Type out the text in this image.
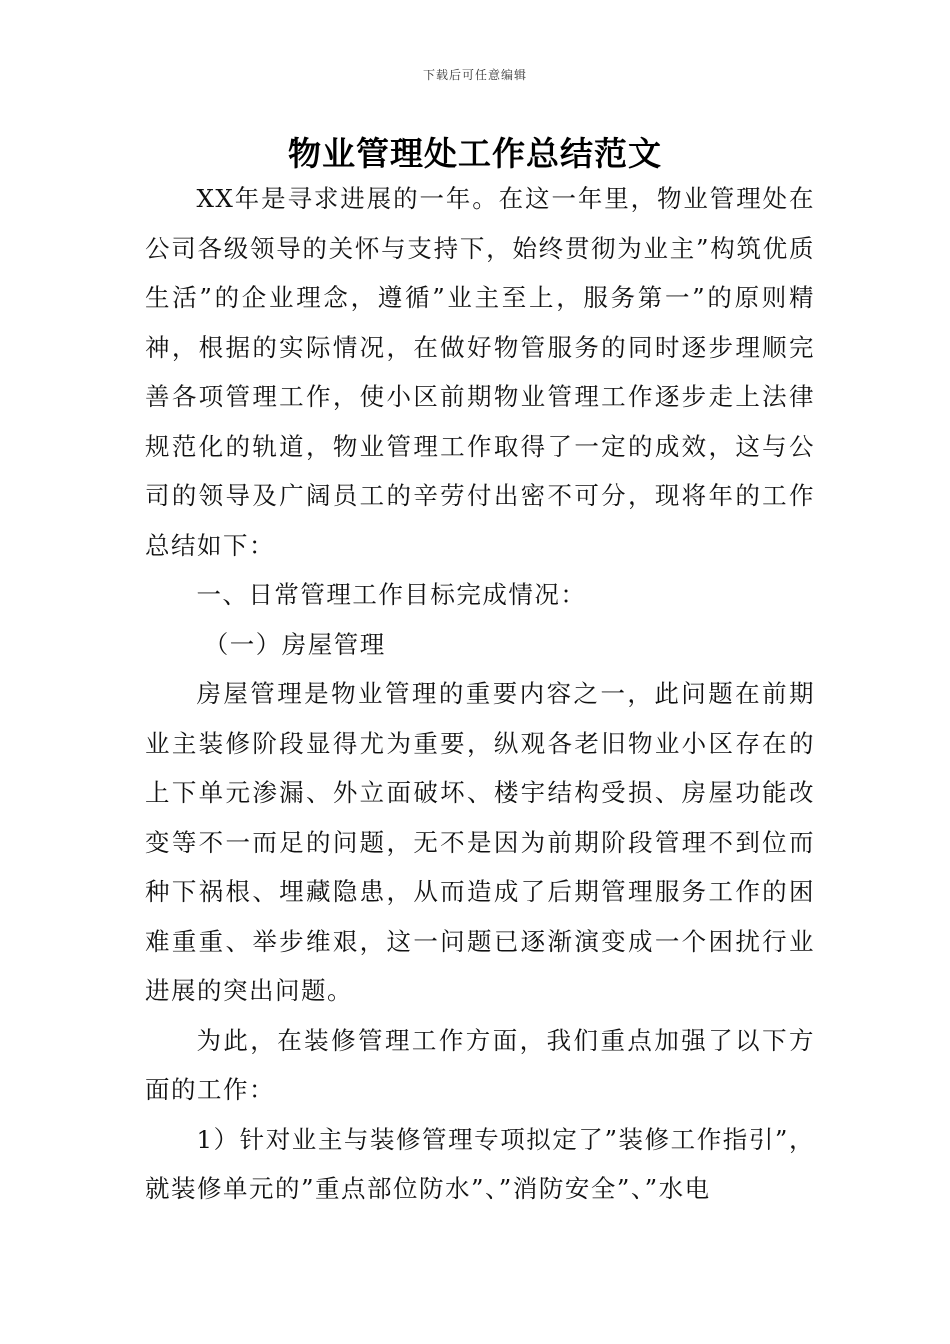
下载后可任意编辑
物业管理处工作总结范文

XX年是寻求进展的一年。在这一年里，物业管理处在公司各级领导的关怀与支持下，始终贯彻为业主”构筑优质生活”的企业理念，遵循”业主至上，服务第一”的原则精神，根据的实际情况，在做好物管服务的同时逐步理顺完善各项管理工作，使小区前期物业管理工作逐步走上法律规范化的轨道，物业管理工作取得了一定的成效，这与公司的领导及广阔员工的辛劳付出密不可分，现将年的工作总结如下：

一、日常管理工作目标完成情况：

（一）房屋管理

房屋管理是物业管理的重要内容之一，此问题在前期业主装修阶段显得尤为重要，纵观各老旧物业小区存在的上下单元渗漏、外立面破坏、楼宇结构受损、房屋功能改变等不一而足的问题，无不是因为前期阶段管理不到位而种下祸根、埋藏隐患，从而造成了后期管理服务工作的困难重重、举步维艰，这一问题已逐渐演变成一个困扰行业进展的突出问题。

为此，在装修管理工作方面，我们重点加强了以下方面的工作：

1）针对业主与装修管理专项拟定了”装修工作指引”，就装修单元的”重点部位防水”、”消防安全”、”水电
